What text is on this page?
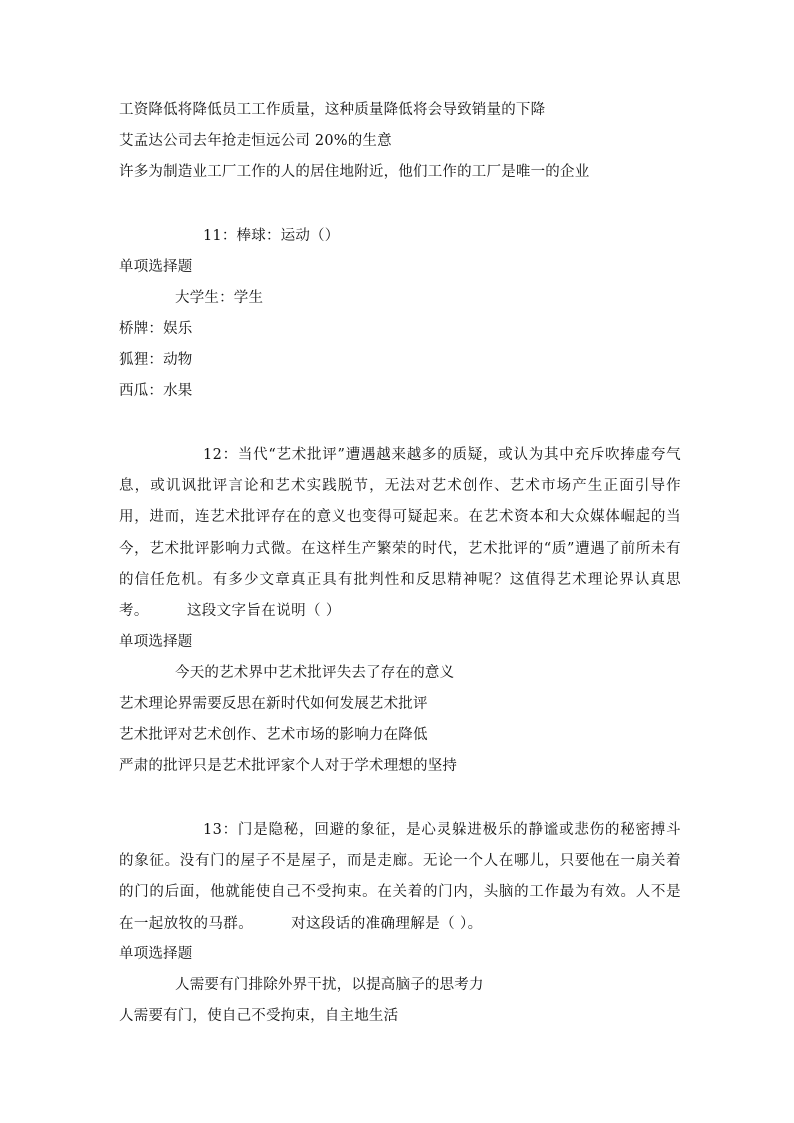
工资降低将降低员工工作质量，这种质量降低将会导致销量的下降
艾孟达公司去年抢走恒远公司 20%的生意
许多为制造业工厂工作的人的居住地附近，他们工作的工厂是唯一的企业
11：棒球：运动（）
单项选择题
大学生：学生
桥牌：娱乐
狐狸：动物
西瓜：水果

12：当代“艺术批评”遭遇越来越多的质疑，或认为其中充斥吹捧虚夸气息，或讥讽批评言论和艺术实践脱节，无法对艺术创作、艺术市场产生正面引导作用，进而，连艺术批评存在的意义也变得可疑起来。在艺术资本和大众媒体崛起的当今，艺术批评影响力式微。在这样生产繁荣的时代，艺术批评的“质”遭遇了前所未有的信任危机。有多少文章真正具有批判性和反思精神呢？这值得艺术理论界认真思考。	这段文字旨在说明（ ）

单项选择题
今天的艺术界中艺术批评失去了存在的意义
艺术理论界需要反思在新时代如何发展艺术批评
艺术批评对艺术创作、艺术市场的影响力在降低
严肃的批评只是艺术批评家个人对于学术理想的坚持

13：门是隐秘，回避的象征，是心灵躲进极乐的静谧或悲伤的秘密搏斗的象征。没有门的屋子不是屋子，而是走廊。无论一个人在哪儿，只要他在一扇关着的门的后面，他就能使自己不受拘束。在关着的门内，头脑的工作最为有效。人不是在一起放牧的马群。	对这段话的准确理解是（ ）。

单项选择题
人需要有门排除外界干扰，以提高脑子的思考力
人需要有门，使自己不受拘束，自主地生活
